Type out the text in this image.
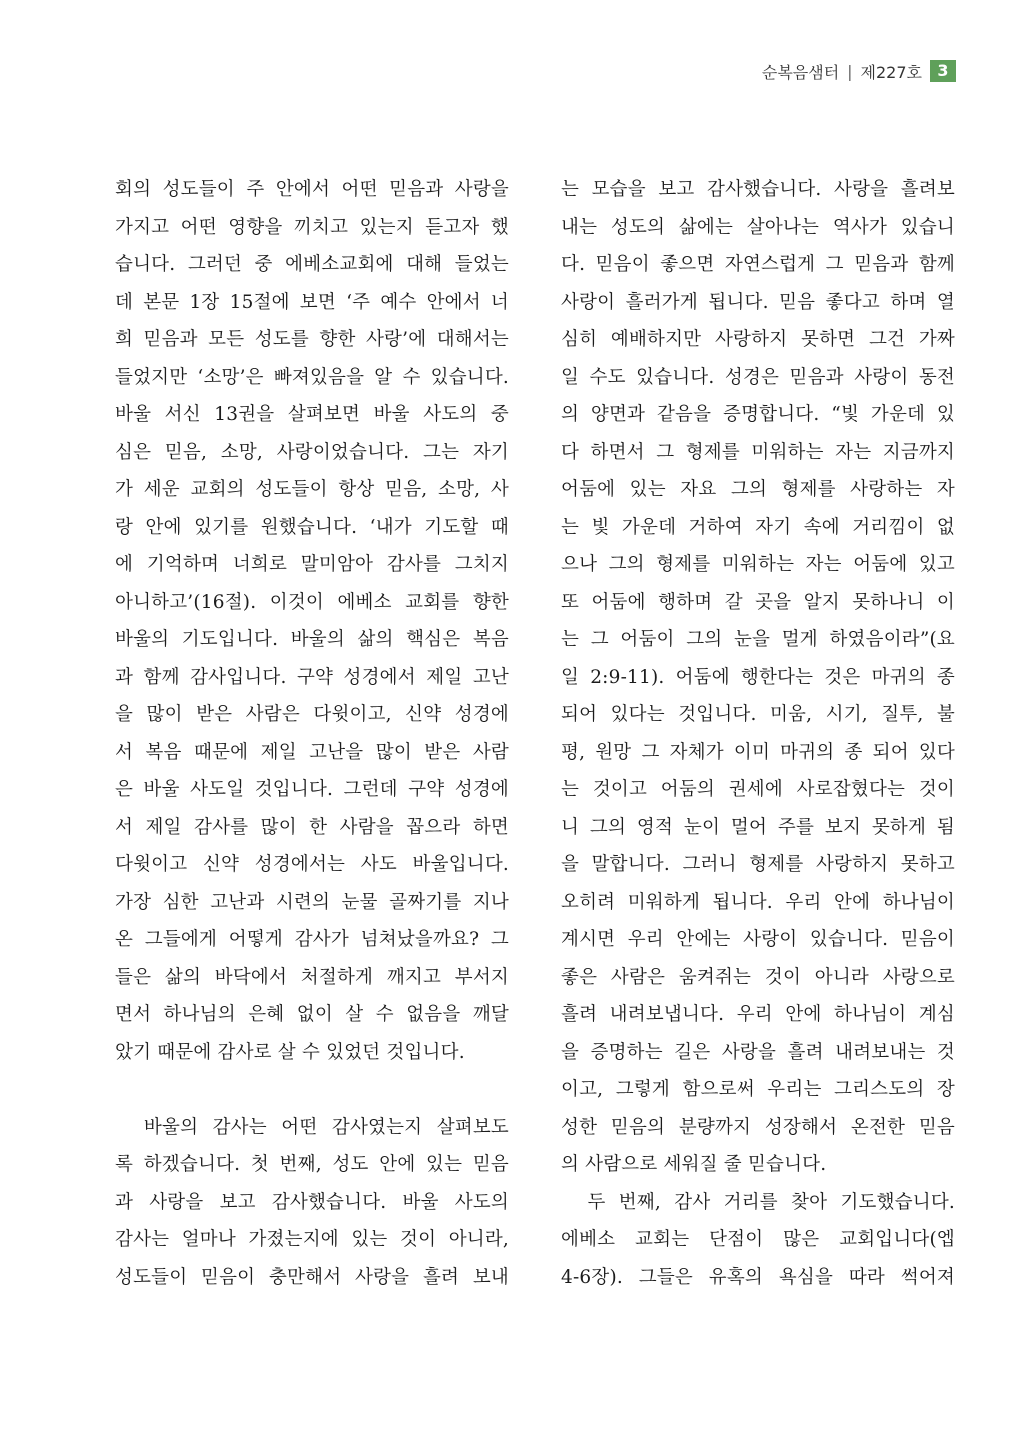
순복음샘터 | 제227호 3
회의 성도들이 주 안에서 어떤 믿음과 사랑을
가지고 어떤 영향을 끼치고 있는지 듣고자 했
습니다. 그러던 중 에베소교회에 대해 들었는
데 본문 1장 15절에 보면 ‘주 예수 안에서 너
희 믿음과 모든 성도를 향한 사랑’에 대해서는
들었지만 ‘소망’은 빠져있음을 알 수 있습니다.
바울 서신 13권을 살펴보면 바울 사도의 중
심은 믿음, 소망, 사랑이었습니다. 그는 자기
가 세운 교회의 성도들이 항상 믿음, 소망, 사
랑 안에 있기를 원했습니다. ‘내가 기도할 때
에 기억하며 너희로 말미암아 감사를 그치지
아니하고’(16절). 이것이 에베소 교회를 향한
바울의 기도입니다. 바울의 삶의 핵심은 복음
과 함께 감사입니다. 구약 성경에서 제일 고난
을 많이 받은 사람은 다윗이고, 신약 성경에
서 복음 때문에 제일 고난을 많이 받은 사람
은 바울 사도일 것입니다. 그런데 구약 성경에
서 제일 감사를 많이 한 사람을 꼽으라 하면
다윗이고 신약 성경에서는 사도 바울입니다.
가장 심한 고난과 시련의 눈물 골짜기를 지나
온 그들에게 어떻게 감사가 넘쳐났을까요? 그
들은 삶의 바닥에서 처절하게 깨지고 부서지
면서 하나님의 은혜 없이 살 수 없음을 깨달
았기 때문에 감사로 살 수 있었던 것입니다.
바울의 감사는 어떤 감사였는지 살펴보도
록 하겠습니다. 첫 번째, 성도 안에 있는 믿음
과 사랑을 보고 감사했습니다. 바울 사도의
감사는 얼마나 가졌는지에 있는 것이 아니라,
성도들이 믿음이 충만해서 사랑을 흘려 보내
는 모습을 보고 감사했습니다. 사랑을 흘려보
내는 성도의 삶에는 살아나는 역사가 있습니
다. 믿음이 좋으면 자연스럽게 그 믿음과 함께
사랑이 흘러가게 됩니다. 믿음 좋다고 하며 열
심히 예배하지만 사랑하지 못하면 그건 가짜
일 수도 있습니다. 성경은 믿음과 사랑이 동전
의 양면과 같음을 증명합니다. “빛 가운데 있
다 하면서 그 형제를 미워하는 자는 지금까지
어둠에 있는 자요 그의 형제를 사랑하는 자
는 빛 가운데 거하여 자기 속에 거리낌이 없
으나 그의 형제를 미워하는 자는 어둠에 있고
또 어둠에 행하며 갈 곳을 알지 못하나니 이
는 그 어둠이 그의 눈을 멀게 하였음이라”(요
일 2:9-11). 어둠에 행한다는 것은 마귀의 종
되어 있다는 것입니다. 미움, 시기, 질투, 불
평, 원망 그 자체가 이미 마귀의 종 되어 있다
는 것이고 어둠의 권세에 사로잡혔다는 것이
니 그의 영적 눈이 멀어 주를 보지 못하게 됨
을 말합니다. 그러니 형제를 사랑하지 못하고
오히려 미워하게 됩니다. 우리 안에 하나님이
계시면 우리 안에는 사랑이 있습니다. 믿음이
좋은 사람은 움켜쥐는 것이 아니라 사랑으로
흘려 내려보냅니다. 우리 안에 하나님이 계심
을 증명하는 길은 사랑을 흘려 내려보내는 것
이고, 그렇게 함으로써 우리는 그리스도의 장
성한 믿음의 분량까지 성장해서 온전한 믿음
의 사람으로 세워질 줄 믿습니다.
두 번째, 감사 거리를 찾아 기도했습니다.
에베소 교회는 단점이 많은 교회입니다(엡
4-6장). 그들은 유혹의 욕심을 따라 썩어져
